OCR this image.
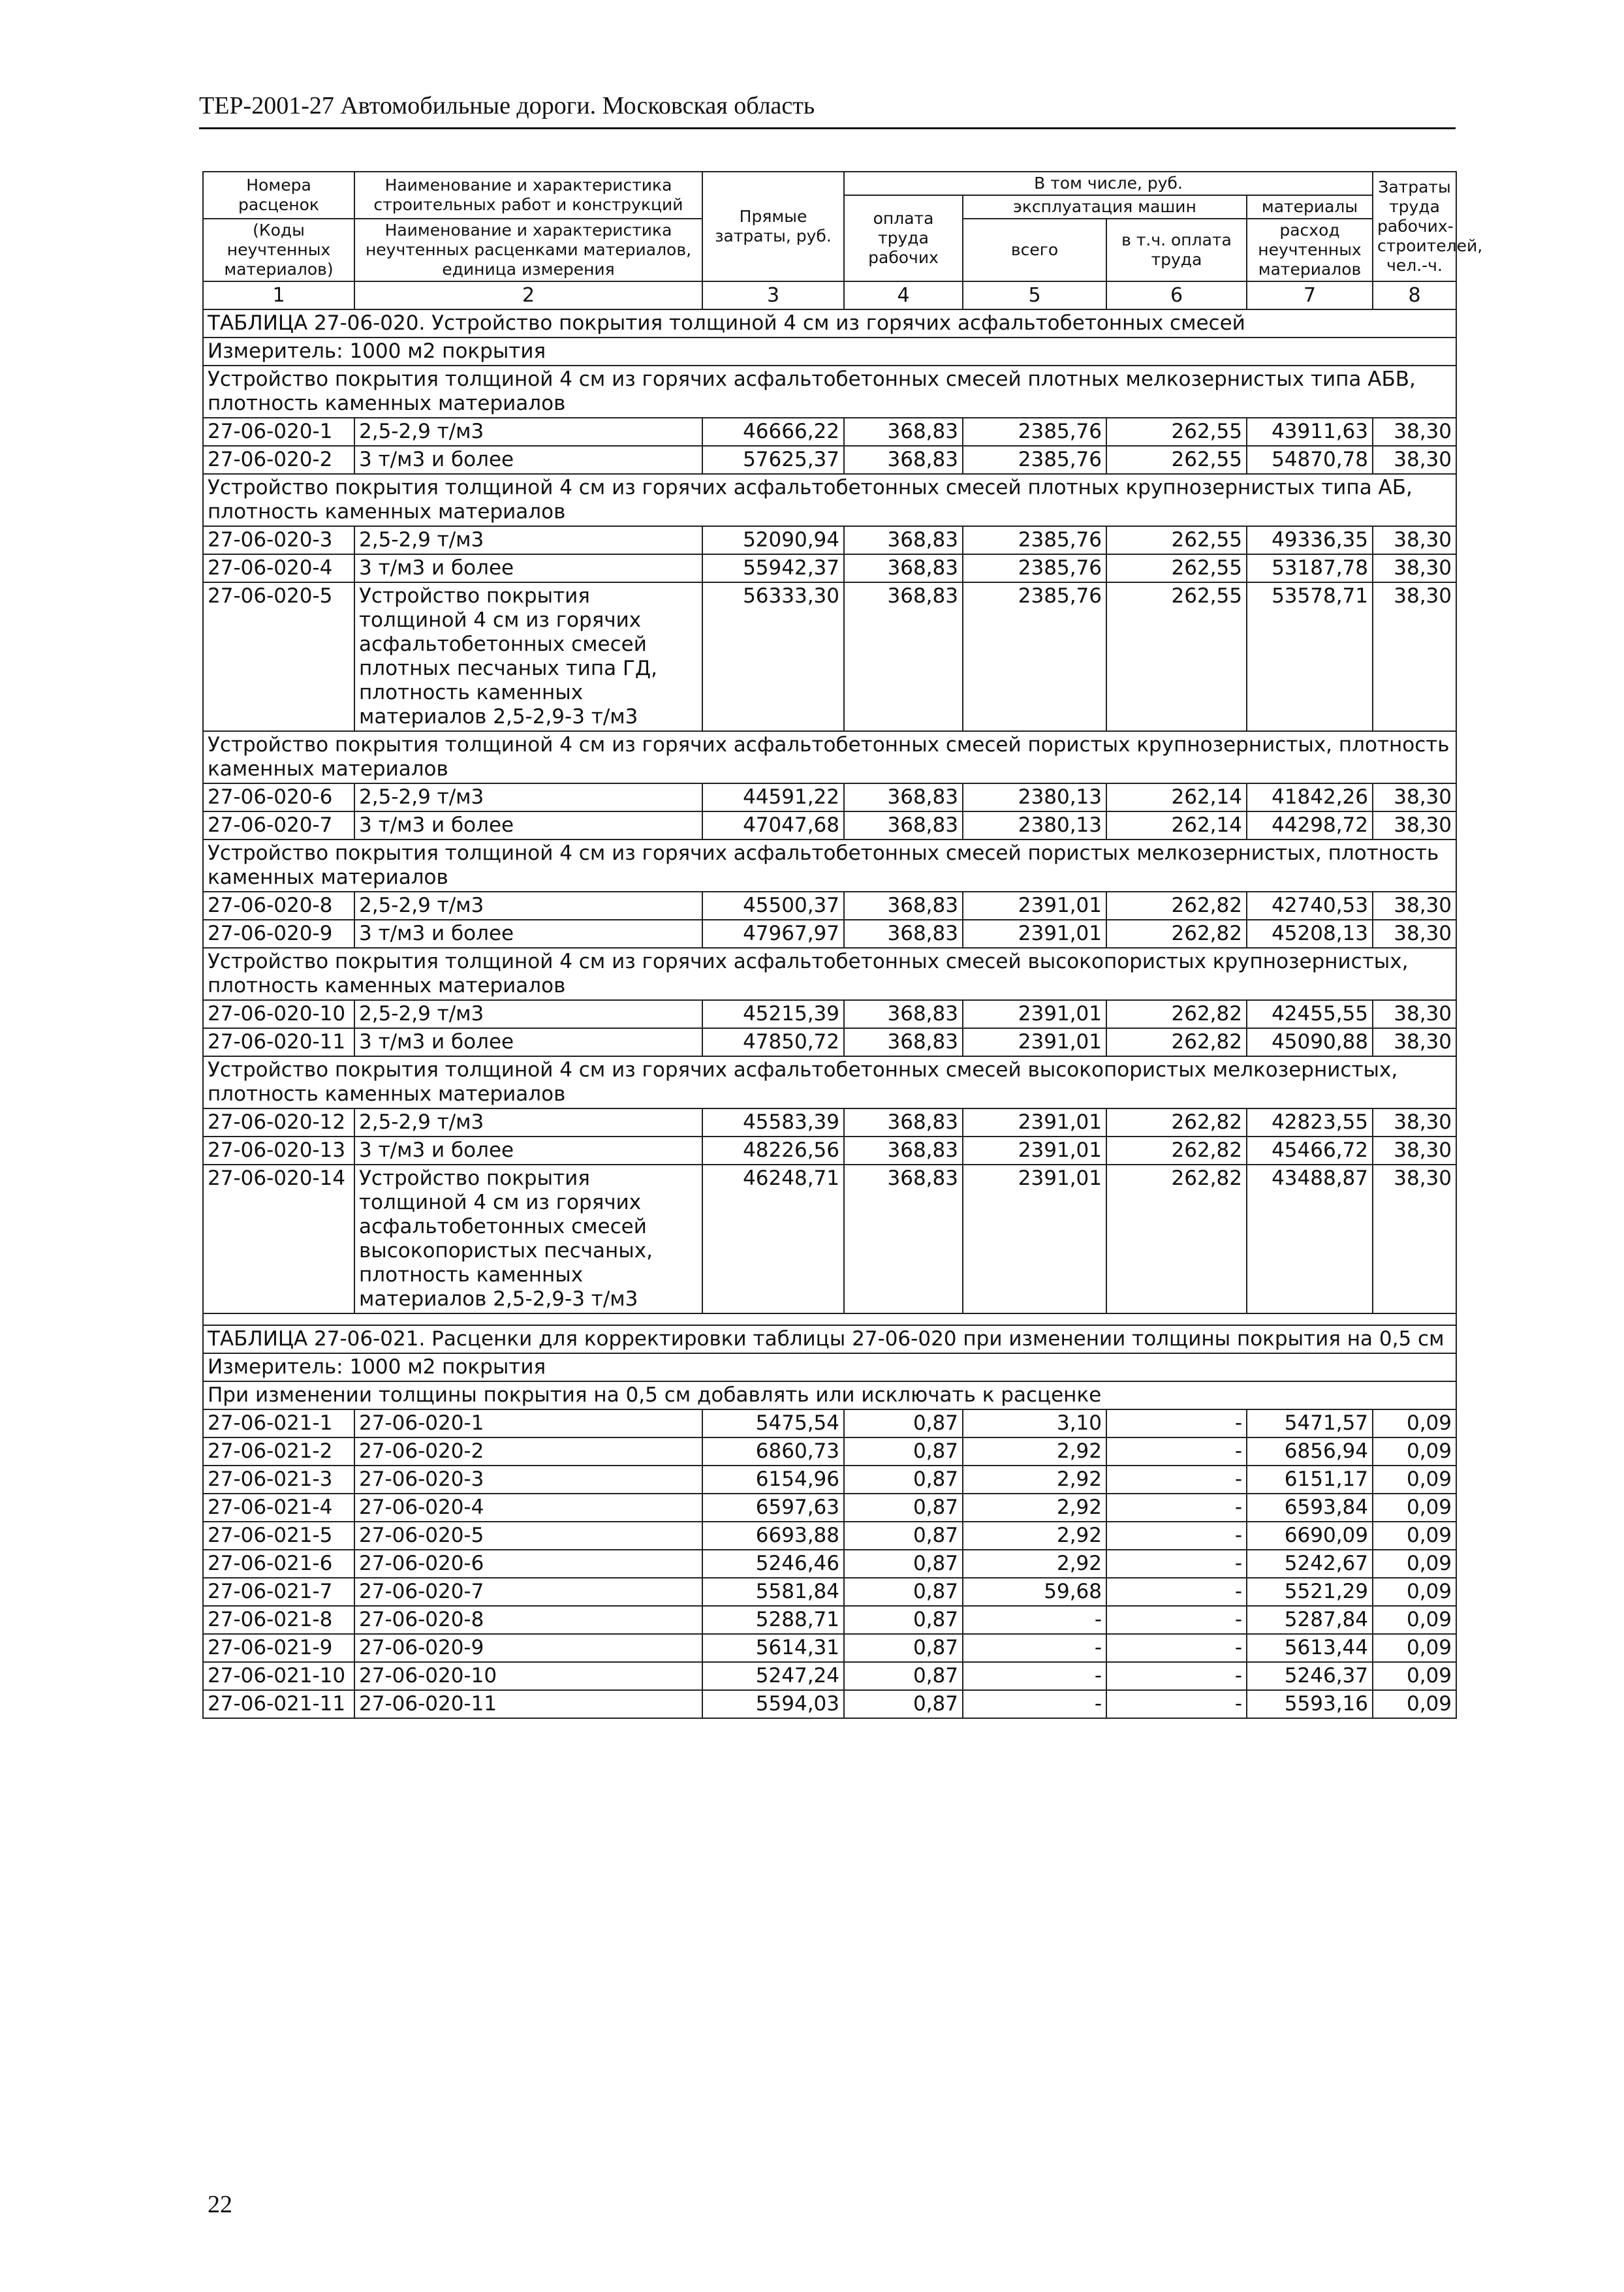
ТЕР-2001-27 Автомобильные дороги. Московская область
Номера расценок	Наименование и характеристика строительных работ и конструкций	Прямые затраты, руб.	В том числе, руб.				Затраты труда рабочих-строителей, чел.-ч.
			оплата труда рабочих	эксплуатация машин		материалы	
(Коды неучтенных материалов)	Наименование и характеристика неучтенных расценками материалов, единица измерения			всего	в т.ч. оплата труда	расход неучтенных материалов	

1	2	3	4	5	6	7	8
ТАБЛИЦА 27-06-020. Устройство покрытия толщиной 4 см из горячих асфальтобетонных смесей							
Измеритель: 1000 м2 покрытия							
Устройство покрытия толщиной 4 см из горячих асфальтобетонных смесей плотных мелкозернистых типа АБВ, плотность каменных материалов							
27-06-020-1	2,5-2,9 т/м3	46666,22	368,83	2385,76	262,55	43911,63	38,30
27-06-020-2	3 т/м3 и более	57625,37	368,83	2385,76	262,55	54870,78	38,30
Устройство покрытия толщиной 4 см из горячих асфальтобетонных смесей плотных крупнозернистых типа АБ, плотность каменных материалов							
27-06-020-3	2,5-2,9 т/м3	52090,94	368,83	2385,76	262,55	49336,35	38,30
27-06-020-4	3 т/м3 и более	55942,37	368,83	2385,76	262,55	53187,78	38,30
27-06-020-5	Устройство покрытия толщиной 4 см из горячих асфальтобетонных смесей плотных песчаных типа ГД, плотность каменных материалов 2,5-2,9-3 т/м3	56333,30	368,83	2385,76	262,55	53578,71	38,30
Устройство покрытия толщиной 4 см из горячих асфальтобетонных смесей пористых крупнозернистых, плотность каменных материалов							
27-06-020-6	2,5-2,9 т/м3	44591,22	368,83	2380,13	262,14	41842,26	38,30
27-06-020-7	3 т/м3 и более	47047,68	368,83	2380,13	262,14	44298,72	38,30
Устройство покрытия толщиной 4 см из горячих асфальтобетонных смесей пористых мелкозернистых, плотность каменных материалов							
27-06-020-8	2,5-2,9 т/м3	45500,37	368,83	2391,01	262,82	42740,53	38,30
27-06-020-9	3 т/м3 и более	47967,97	368,83	2391,01	262,82	45208,13	38,30
Устройство покрытия толщиной 4 см из горячих асфальтобетонных смесей высокопористых крупнозернистых, плотность каменных материалов							
27-06-020-10	2,5-2,9 т/м3	45215,39	368,83	2391,01	262,82	42455,55	38,30
27-06-020-11	3 т/м3 и более	47850,72	368,83	2391,01	262,82	45090,88	38,30
Устройство покрытия толщиной 4 см из горячих асфальтобетонных смесей высокопористых мелкозернистых, плотность каменных материалов							
27-06-020-12	2,5-2,9 т/м3	45583,39	368,83	2391,01	262,82	42823,55	38,30
27-06-020-13	3 т/м3 и более	48226,56	368,83	2391,01	262,82	45466,72	38,30
27-06-020-14	Устройство покрытия толщиной 4 см из горячих асфальтобетонных смесей высокопористых песчаных, плотность каменных материалов 2,5-2,9-3 т/м3	46248,71	368,83	2391,01	262,82	43488,87	38,30

ТАБЛИЦА 27-06-021. Расценки для корректировки таблицы 27-06-020 при изменении толщины покрытия на 0,5 см							
Измеритель: 1000 м2 покрытия							
При изменении толщины покрытия на 0,5 см добавлять или исключать к расценке							
27-06-021-1	27-06-020-1	5475,54	0,87	3,10	-	5471,57	0,09
27-06-021-2	27-06-020-2	6860,73	0,87	2,92	-	6856,94	0,09
27-06-021-3	27-06-020-3	6154,96	0,87	2,92	-	6151,17	0,09
27-06-021-4	27-06-020-4	6597,63	0,87	2,92	-	6593,84	0,09
27-06-021-5	27-06-020-5	6693,88	0,87	2,92	-	6690,09	0,09
27-06-021-6	27-06-020-6	5246,46	0,87	2,92	-	5242,67	0,09
27-06-021-7	27-06-020-7	5581,84	0,87	59,68	-	5521,29	0,09
27-06-021-8	27-06-020-8	5288,71	0,87	-	-	5287,84	0,09
27-06-021-9	27-06-020-9	5614,31	0,87	-	-	5613,44	0,09
27-06-021-10	27-06-020-10	5247,24	0,87	-	-	5246,37	0,09
27-06-021-11	27-06-020-11	5594,03	0,87	-	-	5593,16	0,09
22
